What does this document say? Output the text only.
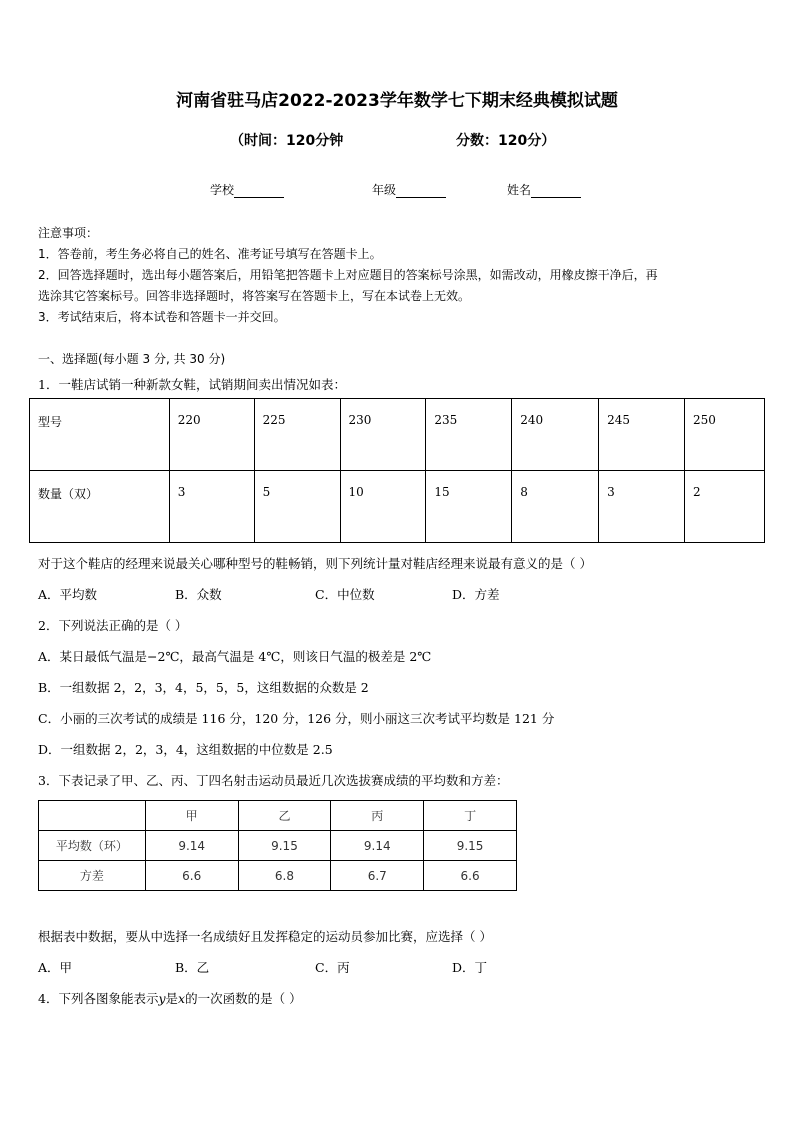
河南省驻马店2022-2023学年数学七下期末经典模拟试题
（时间：120分钟	分数：120分）
学校	年级	姓名
注意事项：
1．答卷前，考生务必将自己的姓名、准考证号填写在答题卡上。
2．回答选择题时，选出每小题答案后，用铅笔把答题卡上对应题目的答案标号涂黑，如需改动，用橡皮擦干净后，再
选涂其它答案标号。回答非选择题时，将答案写在答题卡上，写在本试卷上无效。
3．考试结束后，将本试卷和答题卡一并交回。
一、选择题(每小题 3 分, 共 30 分)
1．一鞋店试销一种新款女鞋，试销期间卖出情况如表：
型号	220	225	230	235	240	245	250
数量（双）	3	5	10	15	8	3	2
对于这个鞋店的经理来说最关心哪种型号的鞋畅销，则下列统计量对鞋店经理来说最有意义的是（ ）
A．平均数	B．众数	C．中位数	D．方差
2．下列说法正确的是（ ）
A．某日最低气温是−2℃，最高气温是 4℃，则该日气温的极差是 2℃
B．一组数据 2，2，3，4，5，5，5，这组数据的众数是 2
C．小丽的三次考试的成绩是 116 分，120 分，126 分，则小丽这三次考试平均数是 121 分
D．一组数据 2，2，3，4，这组数据的中位数是 2.5
3．下表记录了甲、乙、丙、丁四名射击运动员最近几次选拔赛成绩的平均数和方差：
	甲	乙	丙	丁
平均数（环）	9.14	9.15	9.14	9.15
方差	6.6	6.8	6.7	6.6
根据表中数据，要从中选择一名成绩好且发挥稳定的运动员参加比赛，应选择（ ）
A．甲	B．乙	C．丙	D．丁
4．下列各图象能表示y是x的一次函数的是（ ）
